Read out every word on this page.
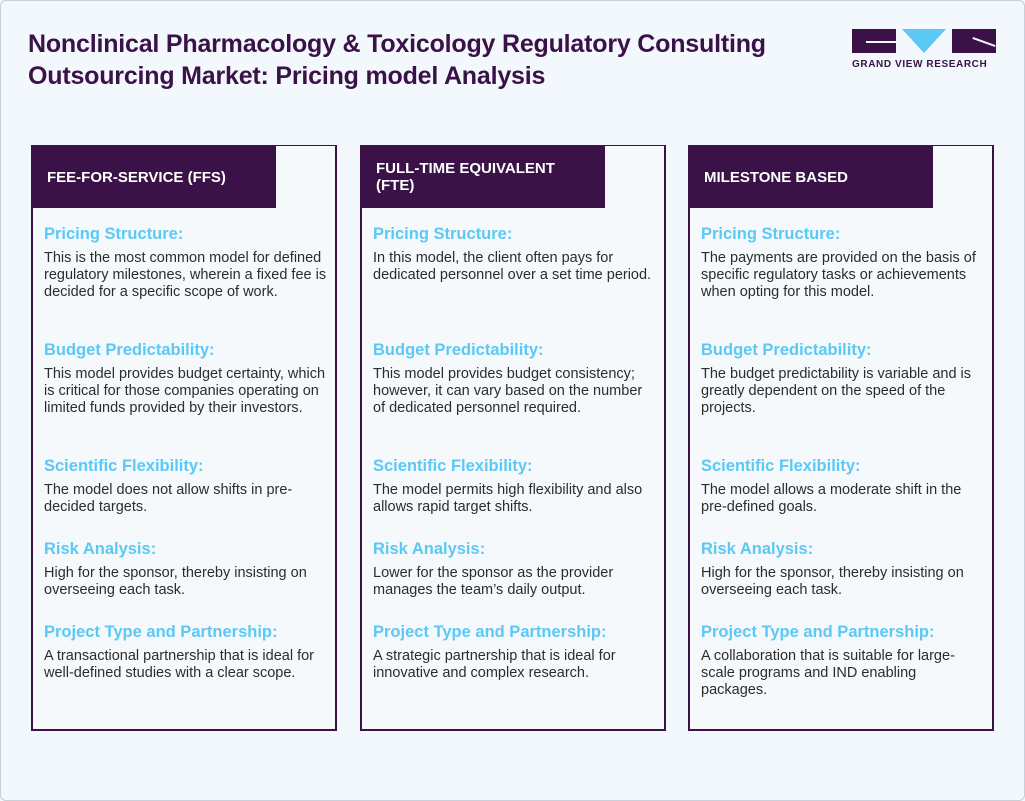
Nonclinical Pharmacology & Toxicology Regulatory Consulting Outsourcing Market: Pricing model Analysis	GRAND VIEW RESEARCH
FEE-FOR-SERVICE (FFS)
Pricing Structure:

This is the most common model for defined regulatory milestones, wherein a fixed fee is decided for a specific scope of work.

Budget Predictability:

This model provides budget certainty, which is critical for those companies operating on limited funds provided by their investors.

Scientific Flexibility:

The model does not allow shifts in pre-decided targets.

Risk Analysis:

High for the sponsor, thereby insisting on overseeing each task.

Project Type and Partnership:

A transactional partnership that is ideal for well-defined studies with a clear scope.

FULL-TIME EQUIVALENT (FTE)
Pricing Structure:

In this model, the client often pays for dedicated personnel over a set time period.

Budget Predictability:

This model provides budget consistency; however, it can vary based on the number of dedicated personnel required.

Scientific Flexibility:

The model permits high flexibility and also allows rapid target shifts.

Risk Analysis:

Lower for the sponsor as the provider manages the team’s daily output.

Project Type and Partnership:

A strategic partnership that is ideal for innovative and complex research.

MILESTONE BASED
Pricing Structure:

The payments are provided on the basis of specific regulatory tasks or achievements when opting for this model.

Budget Predictability:

The budget predictability is variable and is greatly dependent on the speed of the projects.

Scientific Flexibility:

The model allows a moderate shift in the pre-defined goals.

Risk Analysis:

High for the sponsor, thereby insisting on overseeing each task.

Project Type and Partnership:

A collaboration that is suitable for large-scale programs and IND enabling packages.
